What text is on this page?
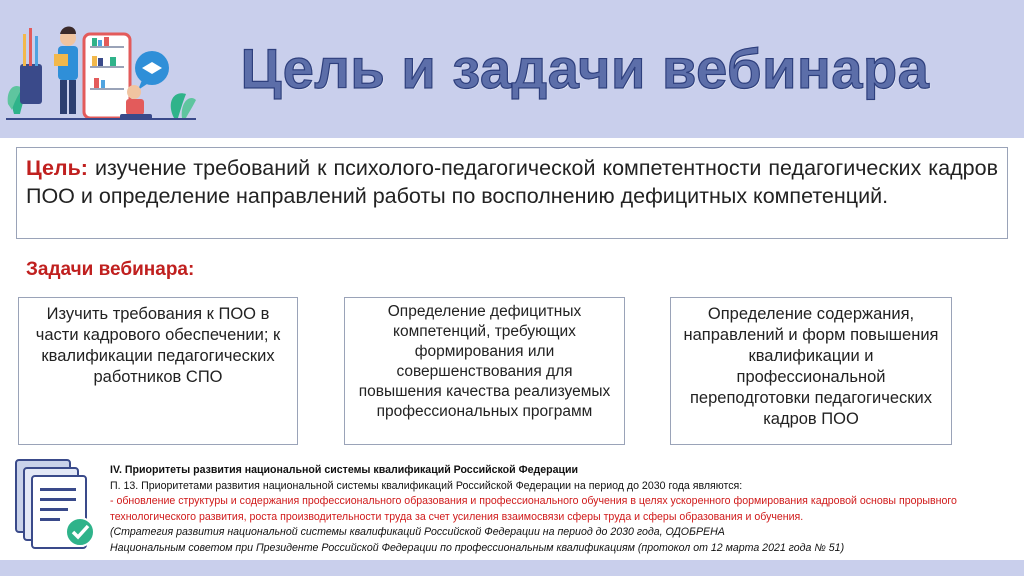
Цель и задачи вебинара
Цель: изучение требований к психолого-педагогической компетентности педагогических кадров ПОО и определение направлений работы по восполнению дефицитных компетенций.
Задачи вебинара:
Изучить требования к ПОО в части кадрового обеспечении; к квалификации педагогических работников СПО
Определение дефицитных компетенций, требующих формирования или совершенствования для повышения качества реализуемых профессиональных программ
Определение содержания, направлений и форм повышения квалификации и профессиональной переподготовки педагогических кадров ПОО
IV. Приоритеты развития национальной системы квалификаций Российской Федерации
П. 13. Приоритетами развития национальной системы квалификаций Российской Федерации на период до 2030 года являются:
- обновление структуры и содержания профессионального образования и профессионального обучения в целях ускоренного формирования кадровой основы прорывного технологического развития, роста производительности труда за счет усиления взаимосвязи сферы труда и сферы образования и обучения.
(Стратегия развития национальной системы квалификаций Российской Федерации на период до 2030 года, ОДОБРЕНА
Национальным советом при Президенте Российской Федерации по профессиональным квалификациям (протокол от 12 марта 2021 года № 51)
